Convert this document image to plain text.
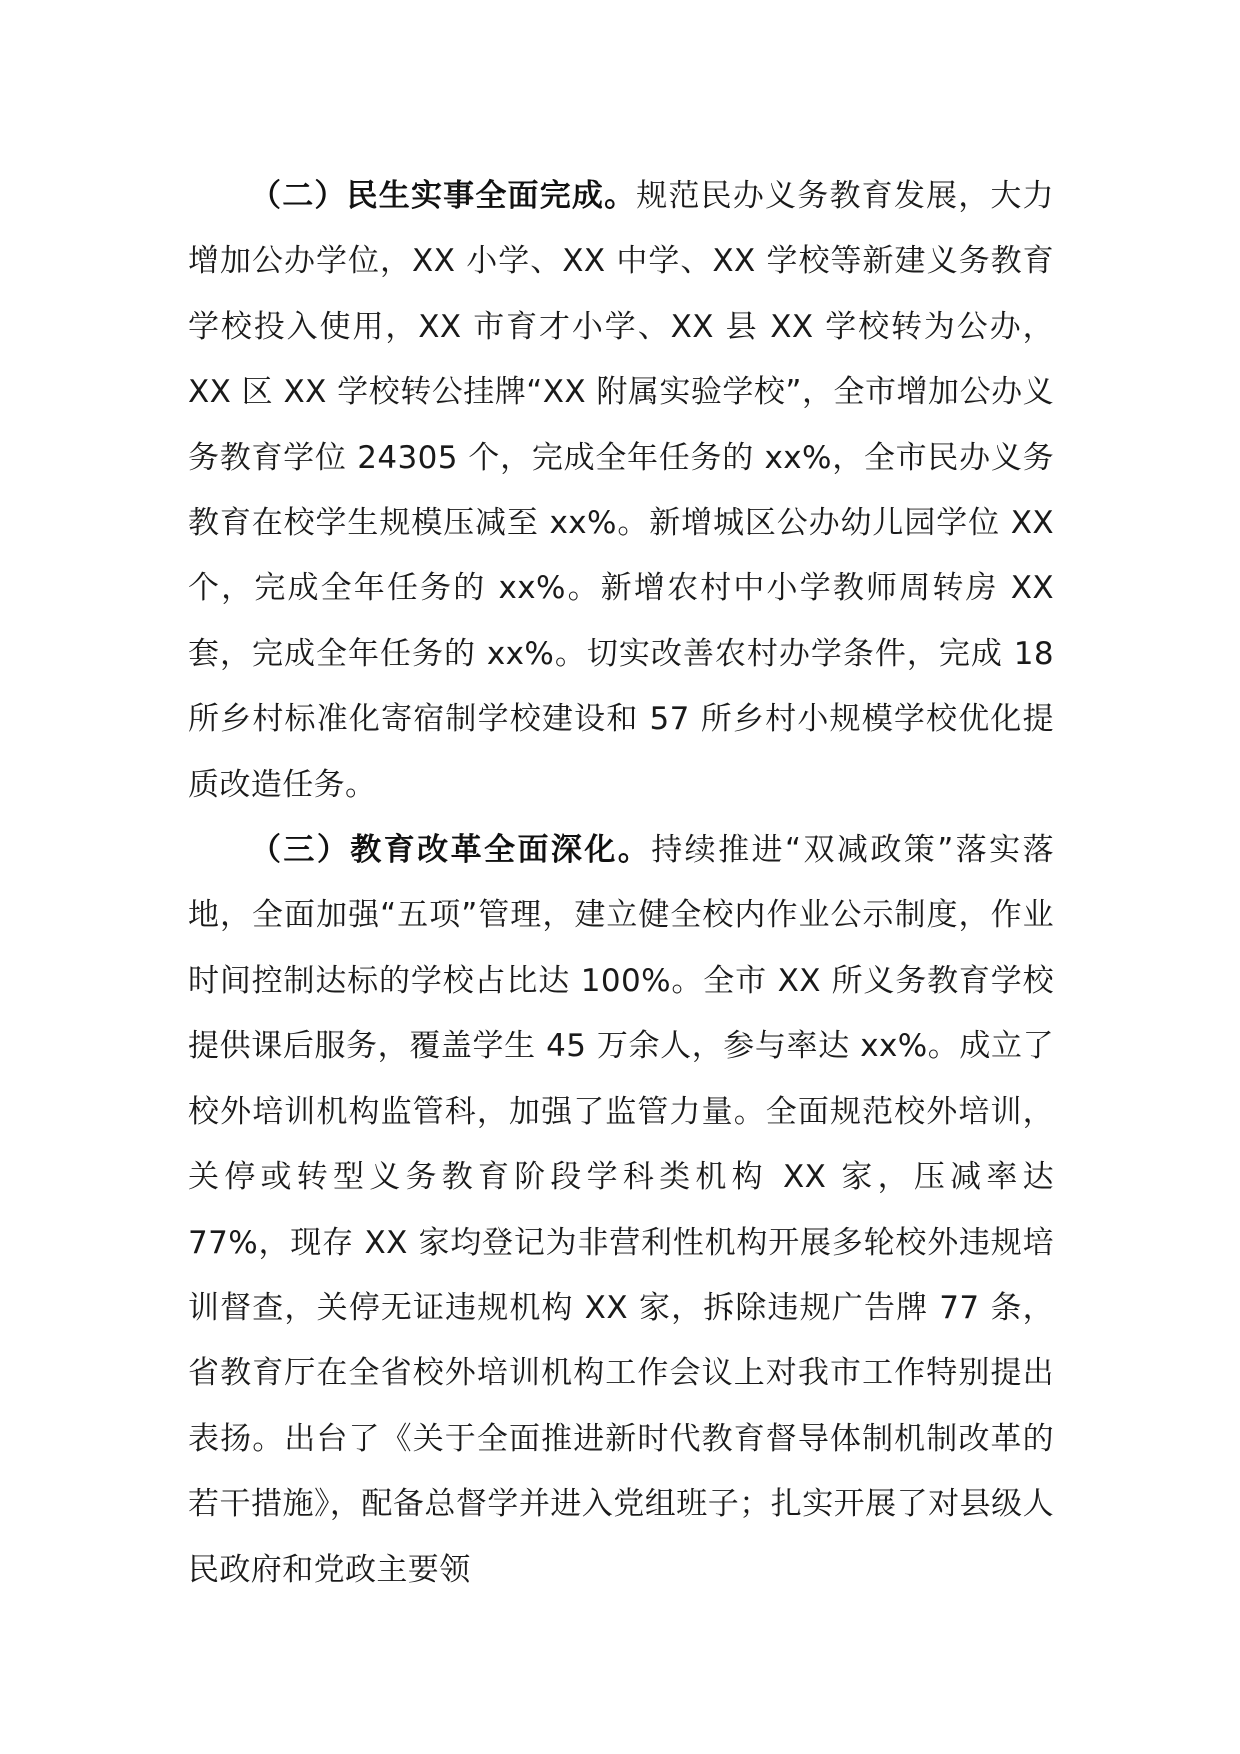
（二）民生实事全面完成。规范民办义务教育发展，大力增加公办学位，XX 小学、XX 中学、XX 学校等新建义务教育学校投入使用，XX 市育才小学、XX 县 XX 学校转为公办，XX 区 XX 学校转公挂牌“XX 附属实验学校”，全市增加公办义务教育学位 24305 个，完成全年任务的 xx%，全市民办义务教育在校学生规模压减至 xx%。新增城区公办幼儿园学位 XX 个，完成全年任务的 xx%。新增农村中小学教师周转房 XX 套，完成全年任务的 xx%。切实改善农村办学条件，完成 18 所乡村标准化寄宿制学校建设和 57 所乡村小规模学校优化提质改造任务。

（三）教育改革全面深化。持续推进“双减政策”落实落地，全面加强“五项”管理，建立健全校内作业公示制度，作业时间控制达标的学校占比达 100%。全市 XX 所义务教育学校提供课后服务，覆盖学生 45 万余人，参与率达 xx%。成立了校外培训机构监管科，加强了监管力量。全面规范校外培训，关停或转型义务教育阶段学科类机构 XX 家，压减率达 77%，现存 XX 家均登记为非营利性机构开展多轮校外违规培训督查，关停无证违规机构 XX 家，拆除违规广告牌 77 条，省教育厅在全省校外培训机构工作会议上对我市工作特别提出表扬。出台了《关于全面推进新时代教育督导体制机制改革的若干措施》，配备总督学并进入党组班子；扎实开展了对县级人民政府和党政主要领
